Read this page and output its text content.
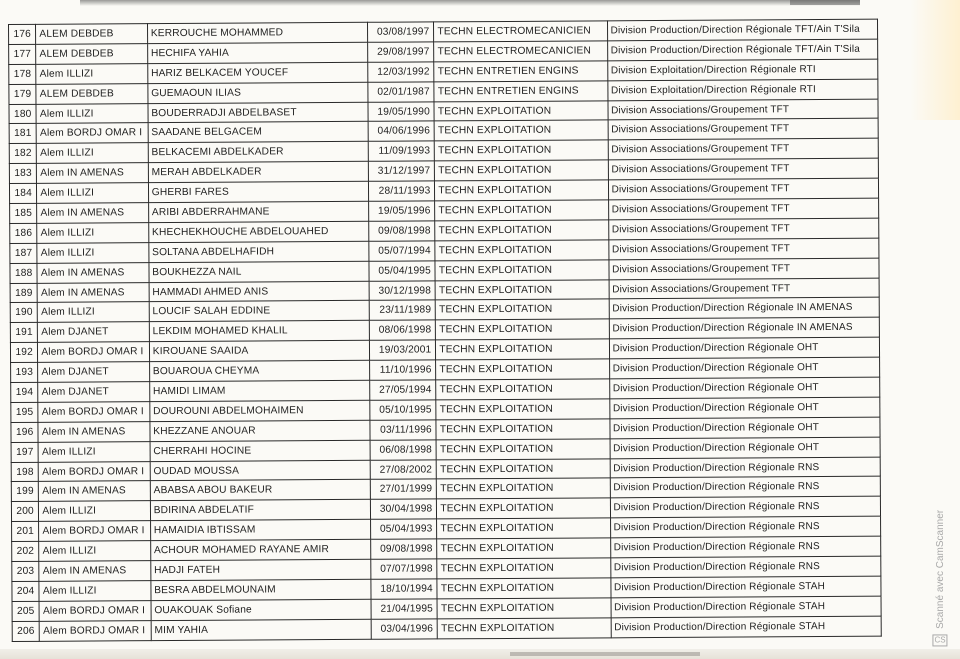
176	ALEM DEBDEB	KERROUCHE MOHAMMED	03/08/1997	TECHN ELECTROMECANICIEN	Division Production/Direction Régionale TFT/Ain T'Sila
177	ALEM DEBDEB	HECHIFA YAHIA	29/08/1997	TECHN ELECTROMECANICIEN	Division Production/Direction Régionale TFT/Ain T'Sila
178	Alem ILLIZI	HARIZ BELKACEM YOUCEF	12/03/1992	TECHN ENTRETIEN ENGINS	Division Exploitation/Direction Régionale RTI
179	ALEM DEBDEB	GUEMAOUN ILIAS	02/01/1987	TECHN ENTRETIEN ENGINS	Division Exploitation/Direction Régionale RTI
180	Alem ILLIZI	BOUDERRADJI ABDELBASET	19/05/1990	TECHN EXPLOITATION	Division Associations/Groupement TFT
181	Alem BORDJ OMAR I	SAADANE BELGACEM	04/06/1996	TECHN EXPLOITATION	Division Associations/Groupement TFT
182	Alem ILLIZI	BELKACEMI ABDELKADER	11/09/1993	TECHN EXPLOITATION	Division Associations/Groupement TFT
183	Alem IN AMENAS	MERAH ABDELKADER	31/12/1997	TECHN EXPLOITATION	Division Associations/Groupement TFT
184	Alem ILLIZI	GHERBI FARES	28/11/1993	TECHN EXPLOITATION	Division Associations/Groupement TFT
185	Alem IN AMENAS	ARIBI ABDERRAHMANE	19/05/1996	TECHN EXPLOITATION	Division Associations/Groupement TFT
186	Alem ILLIZI	KHECHEKHOUCHE ABDELOUAHED	09/08/1998	TECHN EXPLOITATION	Division Associations/Groupement TFT
187	Alem ILLIZI	SOLTANA ABDELHAFIDH	05/07/1994	TECHN EXPLOITATION	Division Associations/Groupement TFT
188	Alem IN AMENAS	BOUKHEZZA NAIL	05/04/1995	TECHN EXPLOITATION	Division Associations/Groupement TFT
189	Alem IN AMENAS	HAMMADI AHMED ANIS	30/12/1998	TECHN EXPLOITATION	Division Associations/Groupement TFT
190	Alem ILLIZI	LOUCIF SALAH EDDINE	23/11/1989	TECHN EXPLOITATION	Division Production/Direction Régionale IN AMENAS
191	Alem DJANET	LEKDIM MOHAMED KHALIL	08/06/1998	TECHN EXPLOITATION	Division Production/Direction Régionale IN AMENAS
192	Alem BORDJ OMAR I	KIROUANE SAAIDA	19/03/2001	TECHN EXPLOITATION	Division Production/Direction Régionale OHT
193	Alem DJANET	BOUAROUA CHEYMA	11/10/1996	TECHN EXPLOITATION	Division Production/Direction Régionale OHT
194	Alem DJANET	HAMIDI LIMAM	27/05/1994	TECHN EXPLOITATION	Division Production/Direction Régionale OHT
195	Alem BORDJ OMAR I	DOUROUNI ABDELMOHAIMEN	05/10/1995	TECHN EXPLOITATION	Division Production/Direction Régionale OHT
196	Alem IN AMENAS	KHEZZANE ANOUAR	03/11/1996	TECHN EXPLOITATION	Division Production/Direction Régionale OHT
197	Alem ILLIZI	CHERRAHI HOCINE	06/08/1998	TECHN EXPLOITATION	Division Production/Direction Régionale OHT
198	Alem BORDJ OMAR I	OUDAD MOUSSA	27/08/2002	TECHN EXPLOITATION	Division Production/Direction Régionale RNS
199	Alem IN AMENAS	ABABSA ABOU BAKEUR	27/01/1999	TECHN EXPLOITATION	Division Production/Direction Régionale RNS
200	Alem ILLIZI	BDIRINA ABDELATIF	30/04/1998	TECHN EXPLOITATION	Division Production/Direction Régionale RNS
201	Alem BORDJ OMAR I	HAMAIDIA IBTISSAM	05/04/1993	TECHN EXPLOITATION	Division Production/Direction Régionale RNS
202	Alem ILLIZI	ACHOUR MOHAMED RAYANE AMIR	09/08/1998	TECHN EXPLOITATION	Division Production/Direction Régionale RNS
203	Alem IN AMENAS	HADJI FATEH	07/07/1998	TECHN EXPLOITATION	Division Production/Direction Régionale RNS
204	Alem ILLIZI	BESRA ABDELMOUNAIM	18/10/1994	TECHN EXPLOITATION	Division Production/Direction Régionale STAH
205	Alem BORDJ OMAR I	OUAKOUAK Sofiane	21/04/1995	TECHN EXPLOITATION	Division Production/Direction Régionale STAH
206	Alem BORDJ OMAR I	MIM YAHIA	03/04/1996	TECHN EXPLOITATION	Division Production/Direction Régionale STAH
CS
Scanné avec CamScanner
